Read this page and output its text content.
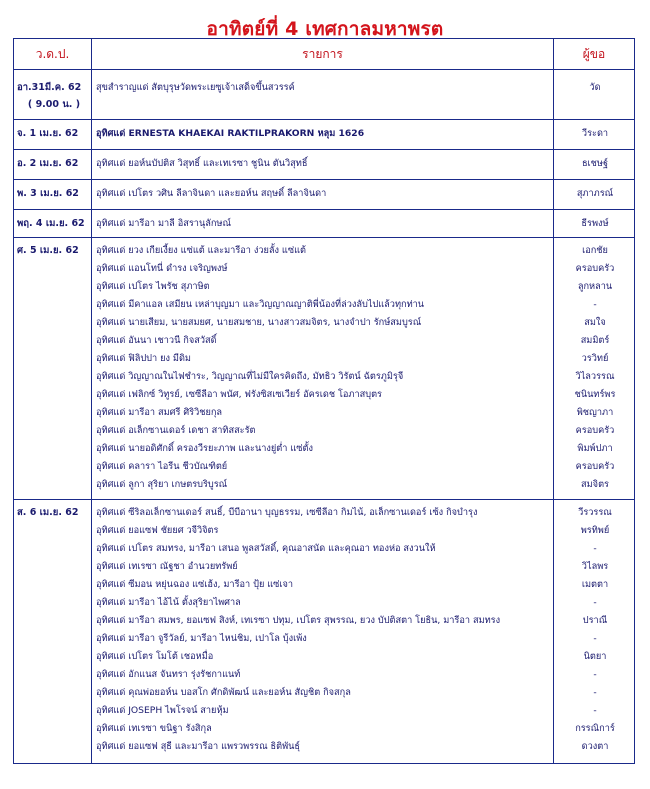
อาทิตย์ที่ 4 เทศกาลมหาพรต
ว.ด.ป.	รายการ	ผู้ขอ
อา.31มี.ค. 62
( 9.00 น. )
สุขสำราญแด่ สัตบุรุษวัดพระเยซูเจ้าเสด็จขึ้นสวรรค์	วัด
จ. 1 เม.ย. 62	อุทิศแด่ ERNESTA KHAEKAI RAKTILPRAKORN หลุม 1626	วีระดา
อ. 2 เม.ย. 62	อุทิศแด่ ยอห์นบัปติส วิสุทธิ์ และเทเรซา ชูนิน ตันวิสุทธิ์	ธเชษฐ์
พ. 3 เม.ย. 62	อุทิศแด่ เปโตร วศิน ลีลาจินดา และยอห์น สฤษดิ์ ลีลาจินดา	สุภาภรณ์
พฤ. 4 เม.ย. 62	อุทิศแด่ มารีอา มาลี อิสรานุลักษณ์	ธีรพงษ์
ศ. 5 เม.ย. 62	อุทิศแด่ ยวง เกียเงี้ยง แซ่แต้ และมารีอา ง่วยลั้ง แซ่แต้	เอกชัย
อุทิศแด่ แอนโทนี่ ดำรง เจริญพงษ์	ครอบครัว
อุทิศแด่ เปโตร ไพรัช สุภาษิต	ลูกหลาน
อุทิศแด่ มีคาแอล เสมียน เหล่าบุญมา และวิญญาณญาติพี่น้องที่ล่วงลับไปแล้วทุกท่าน	-
อุทิศแด่ นายเสียม, นายสมยศ, นายสมชาย, นางสาวสมจิตร, นางจำปา รักษ์สมบูรณ์	สมใจ
อุทิศแด่ อันนา เชาวนี กิจสวัสดิ์	สมมิตร์
อุทิศแด่ ฟิลิปปา ยง มีดิม	วรวิทย์
อุทิศแด่ วิญญาณในไฟชำระ, วิญญาณที่ไม่มีใครคิดถึง, มัทธิว วิรัตน์ ฉัตรภูมิรุจี	วิไลวรรณ
อุทิศแด่ เฟลิกซ์ วิทูรย์, เซซีลีอา พนัศ, ฟรังซิสเซเวียร์ อัครเดช โอภาสบุตร	ชนินทร์พร
อุทิศแด่ มารีอา สมศรี ศิริวิชยกุล	พิชญาภา
อุทิศแด่ อเล็กซานเดอร์ เดชา สาทิสสะรัต	ครอบครัว
อุทิศแด่ นายอดิศักดิ์ ครองวีรยะภาพ และนางยู่ต่ำ แซ่ตั้ง	พิมพ์ปภา
อุทิศแด่ คลารา ไอรีน ชีวบัณฑิตย์	ครอบครัว
อุทิศแด่ ลูกา สุริยา เกษตรบริบูรณ์	สมจิตร
ส. 6 เม.ย. 62	อุทิศแด่ ซีริลอเล็กซานเดอร์ สนธิ์, บีบีอานา บุญธรรม, เซซีลีอา กิมไน้, อเล็กซานเดอร์ เซ้ง กิจบำรุง	วีรวรรณ
อุทิศแด่ ยอแซฟ ชัยยศ วจีวิจิตร	พรทิพย์
อุทิศแด่ เปโตร สมทรง, มารีอา เสนอ พูลสวัสดิ์, คุณอาสนัด และคุณอา ทองห่อ สงวนให้	-
อุทิศแด่ เทเรซา ณัฐชา อำนวยทรัพย์	วิไลพร
อุทิศแด่ ซีมอน หยุ่นฉอง แซ่เฮ้ง, มารีอา ปุ้ย แซ่เจา	เมตตา
อุทิศแด่ มารีอา ไอ้ไน้ ตั้งสุริยาไพศาล	-
อุทิศแด่ มารีอา สมพร, ยอแซฟ สิงห์, เทเรซา ปทุม, เปโตร สุพรรณ, ยวง บัปติสตา โยธิน, มารีอา สมทรง	ปราณี
อุทิศแด่ มารีอา จูรีวัลย์, มารีอา ไหน่ชิม, เปาโล บุ้งเพ้ง	-
อุทิศแด่ เปโตร โมโต้ เชอหมื่อ	นิตยา
อุทิศแด่ อักแนส จันทรา รุ่งรัชกาแนท์	-
อุทิศแด่ คุณพ่อยอห์น บอสโก ศักดิพัฒน์ และยอห์น สัญชิต กิจสกุล	-
อุทิศแด่ JOSEPH ไพโรจน์ สายหุ้ม	-
อุทิศแด่ เทเรซา ขนิฐา รังสิกุล	กรรณิการ์
อุทิศแด่ ยอแซฟ สุธี และมารีอา แพรวพรรณ ธิติพันธุ์	ดวงตา
